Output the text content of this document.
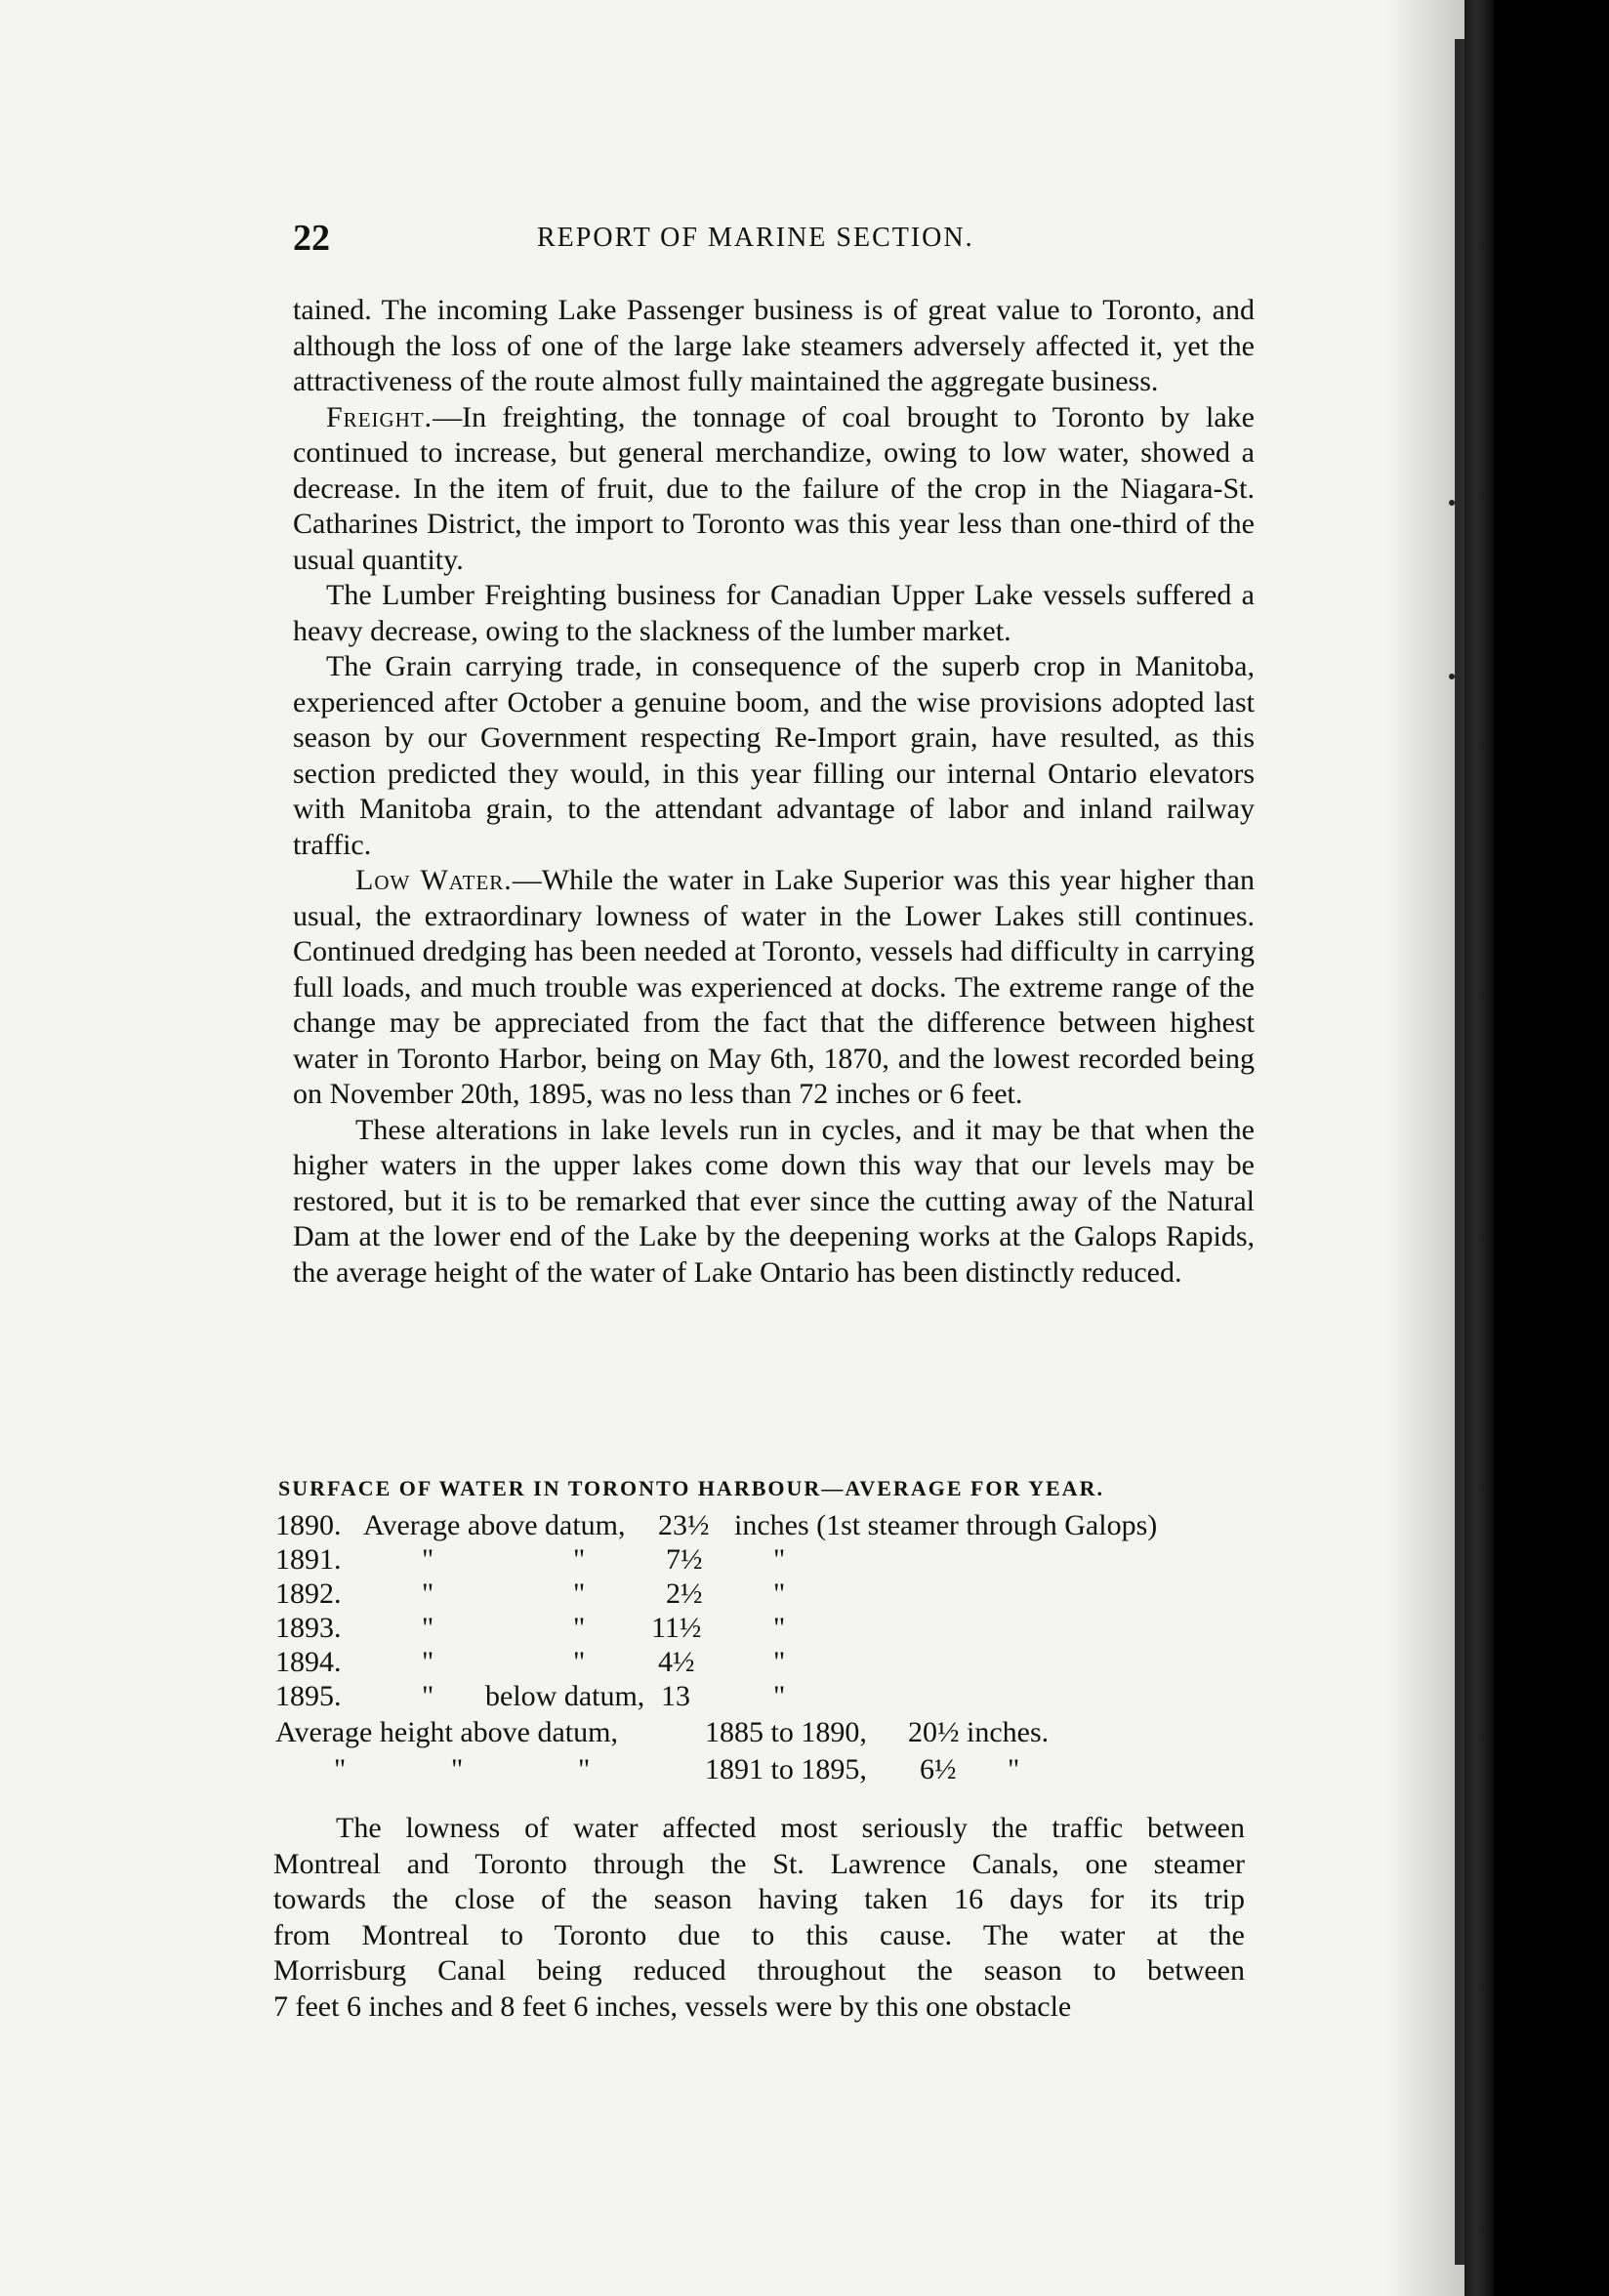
22	REPORT OF MARINE SECTION.

tained. The incoming Lake Passenger business is of great value to Toronto, and although the loss of one of the large lake steamers adversely affected it, yet the attractiveness of the route almost fully maintained the aggregate business.

Freight.—In freighting, the tonnage of coal brought to Toronto by lake continued to increase, but general merchandize, owing to low water, showed a decrease. In the item of fruit, due to the failure of the crop in the Niagara-St. Catharines District, the import to Toronto was this year less than one-third of the usual quantity.

The Lumber Freighting business for Canadian Upper Lake vessels suffered a heavy decrease, owing to the slackness of the lumber market.

The Grain carrying trade, in consequence of the superb crop in Manitoba, experienced after October a genuine boom, and the wise provisions adopted last season by our Government respecting Re-Import grain, have resulted, as this section predicted they would, in this year filling our internal Ontario elevators with Manitoba grain, to the attendant advantage of labor and inland railway traffic.

Low Water.—While the water in Lake Superior was this year higher than usual, the extraordinary lowness of water in the Lower Lakes still continues. Continued dredging has been needed at Toronto, vessels had difficulty in carrying full loads, and much trouble was experienced at docks. The extreme range of the change may be appreciated from the fact that the difference between highest water in Toronto Harbor, being on May 6th, 1870, and the lowest recorded being on November 20th, 1895, was no less than 72 inches or 6 feet.

These alterations in lake levels run in cycles, and it may be that when the higher waters in the upper lakes come down this way that our levels may be restored, but it is to be remarked that ever since the cutting away of the Natural Dam at the lower end of the Lake by the deepening works at the Galops Rapids, the average height of the water of Lake Ontario has been distinctly reduced.

SURFACE OF WATER IN TORONTO HARBOUR—AVERAGE FOR YEAR.
1890. Average above datum, 23½ inches (1st steamer through Galops)
1891.	"	"	7½ "
1892.	"	"	2½ "
1893.	"	" 11½ "
1894.	"	" 4½	"
1895.	" below datum, 13	"
Average height above datum,	1885 to 1890, 20½ inches.
"	"	"	1891 to 1895, 6½ "

The lowness of water affected most seriously the traffic between
Montreal and Toronto through the St. Lawrence Canals, one steamer
towards the close of the season having taken 16 days for its trip
from Montreal to Toronto due to this cause. The water at the
Morrisburg Canal being reduced throughout the season to between
7 feet 6 inches and 8 feet 6 inches, vessels were by this one obstacle
